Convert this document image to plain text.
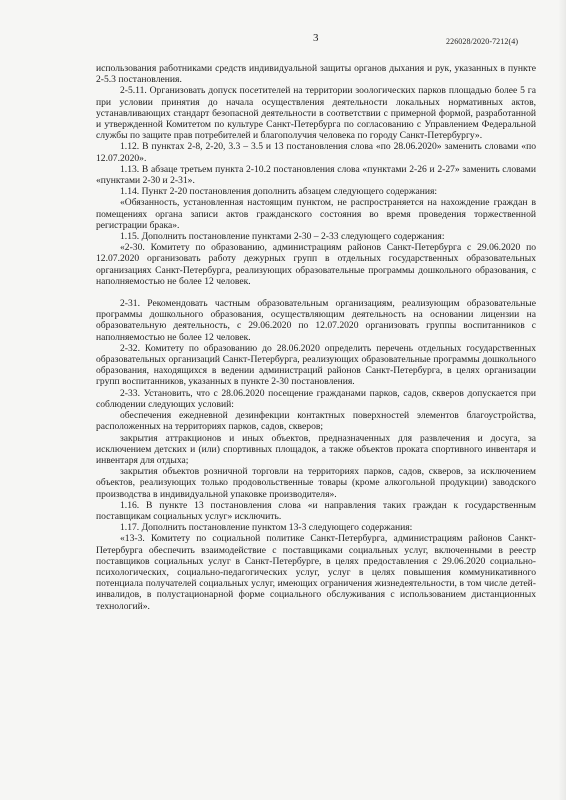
3	226028/2020-7212(4)

использования работниками средств индивидуальной защиты органов дыхания и рук, указанных в пункте 2-5.3 постановления.

2-5.11. Организовать допуск посетителей на территории зоологических парков площадью более 5 га при условии принятия до начала осуществления деятельности локальных нормативных актов, устанавливающих стандарт безопасной деятельности в соответствии с примерной формой, разработанной и утвержденной Комитетом по культуре Санкт-Петербурга по согласованию с Управлением Федеральной службы по защите прав потребителей и благополучия человека по городу Санкт-Петербургу».

1.12. В пунктах 2-8, 2-20, 3.3 – 3.5 и 13 постановления слова «по 28.06.2020» заменить словами «по 12.07.2020».

1.13. В абзаце третьем пункта 2-10.2 постановления слова «пунктами 2-26 и 2-27» заменить словами «пунктами 2-30 и 2-31».

1.14. Пункт 2-20 постановления дополнить абзацем следующего содержания:

«Обязанность, установленная настоящим пунктом, не распространяется на нахождение граждан в помещениях органа записи актов гражданского состояния во время проведения торжественной регистрации брака».

1.15. Дополнить постановление пунктами 2-30 – 2-33 следующего содержания:

«2-30. Комитету по образованию, администрациям районов Санкт-Петербурга с 29.06.2020 по 12.07.2020 организовать работу дежурных групп в отдельных государственных образовательных организациях Санкт-Петербурга, реализующих образовательные программы дошкольного образования, с наполняемостью не более 12 человек.

2-31. Рекомендовать частным образовательным организациям, реализующим образовательные программы дошкольного образования, осуществляющим деятельность на основании лицензии на образовательную деятельность, с 29.06.2020 по 12.07.2020 организовать группы воспитанников с наполняемостью не более 12 человек.

2-32. Комитету по образованию до 28.06.2020 определить перечень отдельных государственных образовательных организаций Санкт-Петербурга, реализующих образовательные программы дошкольного образования, находящихся в ведении администраций районов Санкт-Петербурга, в целях организации групп воспитанников, указанных в пункте 2-30 постановления.

2-33. Установить, что с 28.06.2020 посещение гражданами парков, садов, скверов допускается при соблюдении следующих условий:

обеспечения ежедневной дезинфекции контактных поверхностей элементов благоустройства, расположенных на территориях парков, садов, скверов;

закрытия аттракционов и иных объектов, предназначенных для развлечения и досуга, за исключением детских и (или) спортивных площадок, а также объектов проката спортивного инвентаря и инвентаря для отдыха;

закрытия объектов розничной торговли на территориях парков, садов, скверов, за исключением объектов, реализующих только продовольственные товары (кроме алкогольной продукции) заводского производства в индивидуальной упаковке производителя».

1.16. В пункте 13 постановления слова «и направления таких граждан к государственным поставщикам социальных услуг» исключить.

1.17. Дополнить постановление пунктом 13-3 следующего содержания:

«13-3. Комитету по социальной политике Санкт-Петербурга, администрациям районов Санкт-Петербурга обеспечить взаимодействие с поставщиками социальных услуг, включенными в реестр поставщиков социальных услуг в Санкт-Петербурге, в целях предоставления с 29.06.2020 социально-психологических, социально-педагогических услуг, услуг в целях повышения коммуникативного потенциала получателей социальных услуг, имеющих ограничения жизнедеятельности, в том числе детей-инвалидов, в полустационарной форме социального обслуживания с использованием дистанционных технологий».
